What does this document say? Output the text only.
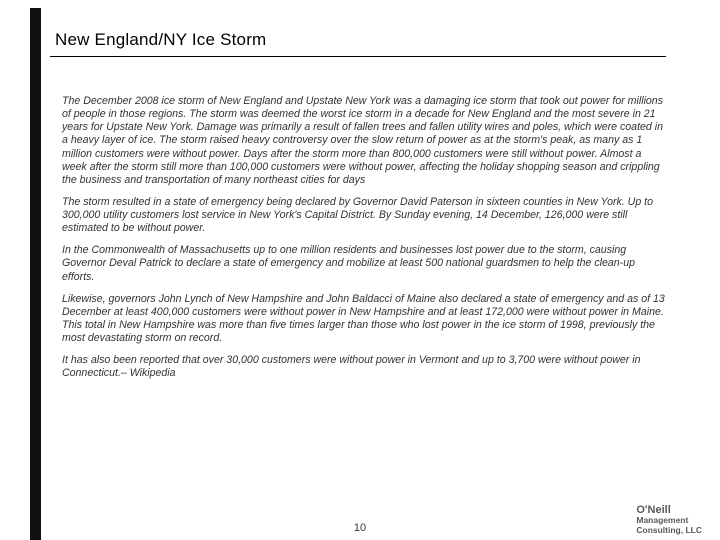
New England/NY Ice Storm

The December 2008 ice storm of New England and Upstate New York was a damaging ice storm that took out power for millions of people in those regions. The storm was deemed the worst ice storm in a decade for New England and the most severe in 21 years for Upstate New York. Damage was primarily a result of fallen trees and fallen utility wires and poles, which were coated in a heavy layer of ice. The storm raised heavy controversy over the slow return of power as at the storm's peak, as many as 1 million customers were without power. Days after the storm more than 800,000 customers were still without power. Almost a week after the storm still more than 100,000 customers were without power, affecting the holiday shopping season and crippling the business and transportation of many northeast cities for days

The storm resulted in a state of emergency being declared by Governor David Paterson in sixteen counties in New York. Up to 300,000 utility customers lost service in New York's Capital District. By Sunday evening, 14 December, 126,000 were still estimated to be without power.

In the Commonwealth of Massachusetts up to one million residents and businesses lost power due to the storm, causing Governor Deval Patrick to declare a state of emergency and mobilize at least 500 national guardsmen to help the clean-up efforts.

Likewise, governors John Lynch of New Hampshire and John Baldacci of Maine also declared a state of emergency and as of 13 December at least 400,000 customers were without power in New Hampshire and at least 172,000 were without power in Maine. This total in New Hampshire was more than five times larger than those who lost power in the ice storm of 1998, previously the most devastating storm on record.

It has also been reported that over 30,000 customers were without power in Vermont and up to 3,700 were without power in Connecticut.– Wikipedia

10
O'Neill
Management
Consulting, LLC
